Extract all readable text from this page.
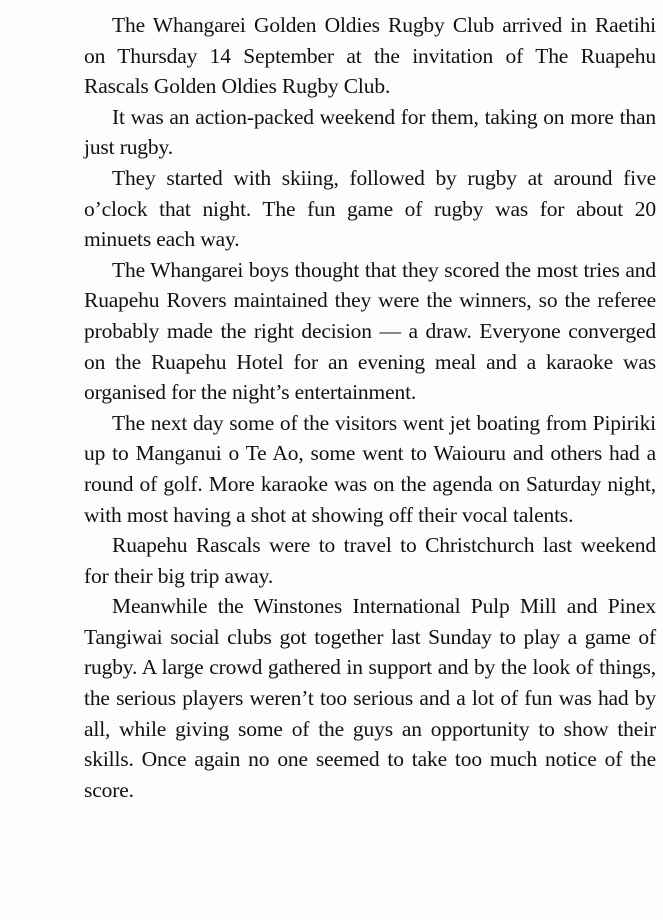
The Whangarei Golden Oldies Rugby Club arrived in Raetihi on Thursday 14 September at the invitation of The Ruapehu Rascals Golden Oldies Rugby Club.

It was an action-packed weekend for them, taking on more than just rugby.

They started with skiing, followed by rugby at around five o’clock that night. The fun game of rugby was for about 20 minuets each way.

The Whangarei boys thought that they scored the most tries and Ruapehu Rovers maintained they were the winners, so the referee probably made the right decision — a draw. Everyone converged on the Ruapehu Hotel for an evening meal and a karaoke was organised for the night’s entertainment.

The next day some of the visitors went jet boating from Pipiriki up to Manganui o Te Ao, some went to Waiouru and others had a round of golf. More karaoke was on the agenda on Saturday night, with most having a shot at showing off their vocal talents.

Ruapehu Rascals were to travel to Christchurch last weekend for their big trip away.

Meanwhile the Winstones International Pulp Mill and Pinex Tangiwai social clubs got together last Sunday to play a game of rugby. A large crowd gathered in support and by the look of things, the serious players weren’t too serious and a lot of fun was had by all, while giving some of the guys an opportunity to show their skills. Once again no one seemed to take too much notice of the score.
